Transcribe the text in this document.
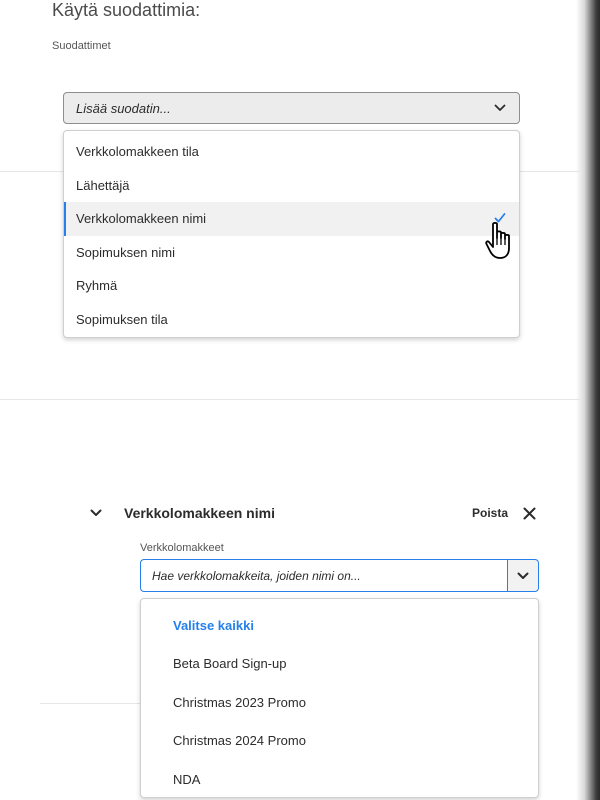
Käytä suodattimia:
Suodattimet
Lisää suodatin...
Verkkolomakkeen tila
Lähettäjä
Verkkolomakkeen nimi
Sopimuksen nimi
Ryhmä
Sopimuksen tila
Verkkolomakkeen nimi	Poista
Verkkolomakkeet
Hae verkkolomakkeita, joiden nimi on...
Valitse kaikki
Beta Board Sign-up
Christmas 2023 Promo
Christmas 2024 Promo
NDA
